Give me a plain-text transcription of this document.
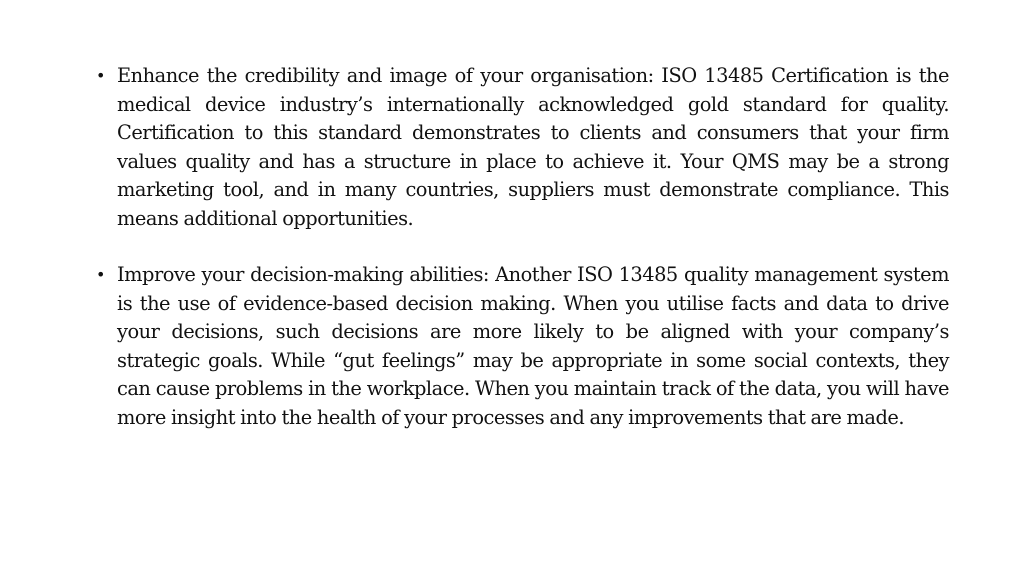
• Enhance the credibility and image of your organisation: ISO 13485 Certification is the medical device industry’s internationally acknowledged gold standard for quality. Certification to this standard demonstrates to clients and consumers that your firm values quality and has a structure in place to achieve it. Your QMS may be a strong marketing tool, and in many countries, suppliers must demonstrate compliance. This means additional opportunities.
• Improve your decision-making abilities: Another ISO 13485 quality management system is the use of evidence-based decision making. When you utilise facts and data to drive your decisions, such decisions are more likely to be aligned with your company’s strategic goals. While “gut feelings” may be appropriate in some social contexts, they can cause problems in the workplace. When you maintain track of the data, you will have more insight into the health of your processes and any improvements that are made.
